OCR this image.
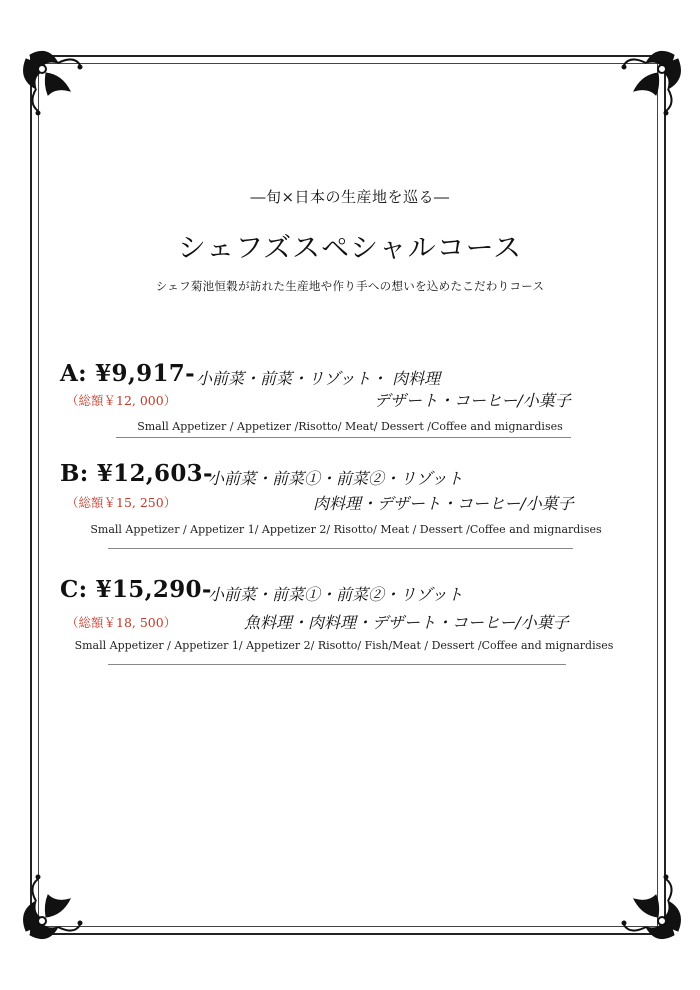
―旬×日本の生産地を巡る―
シェフズスペシャルコース
シェフ菊池恒穀が訪れた生産地や作り手への想いを込めたこだわりコース
A: ¥9,917- 小前菜・前菜・リゾット・ 肉料理
デザート・コーヒー/小菓子
（総額￥12, 000）
Small Appetizer / Appetizer /Risotto/ Meat/ Dessert /Coffee and mignardises
B: ¥12,603-
小前菜・前菜①・前菜②・リゾット
肉料理・デザート・コーヒー/小菓子
（総額￥15, 250）
Small Appetizer / Appetizer 1/ Appetizer 2/ Risotto/ Meat / Dessert /Coffee and mignardises
C: ¥15,290-
小前菜・前菜①・前菜②・リゾット
魚料理・肉料理・デザート・コーヒー/小菓子
（総額￥18, 500）
Small Appetizer / Appetizer 1/ Appetizer 2/ Risotto/ Fish/Meat / Dessert /Coffee and mignardises
